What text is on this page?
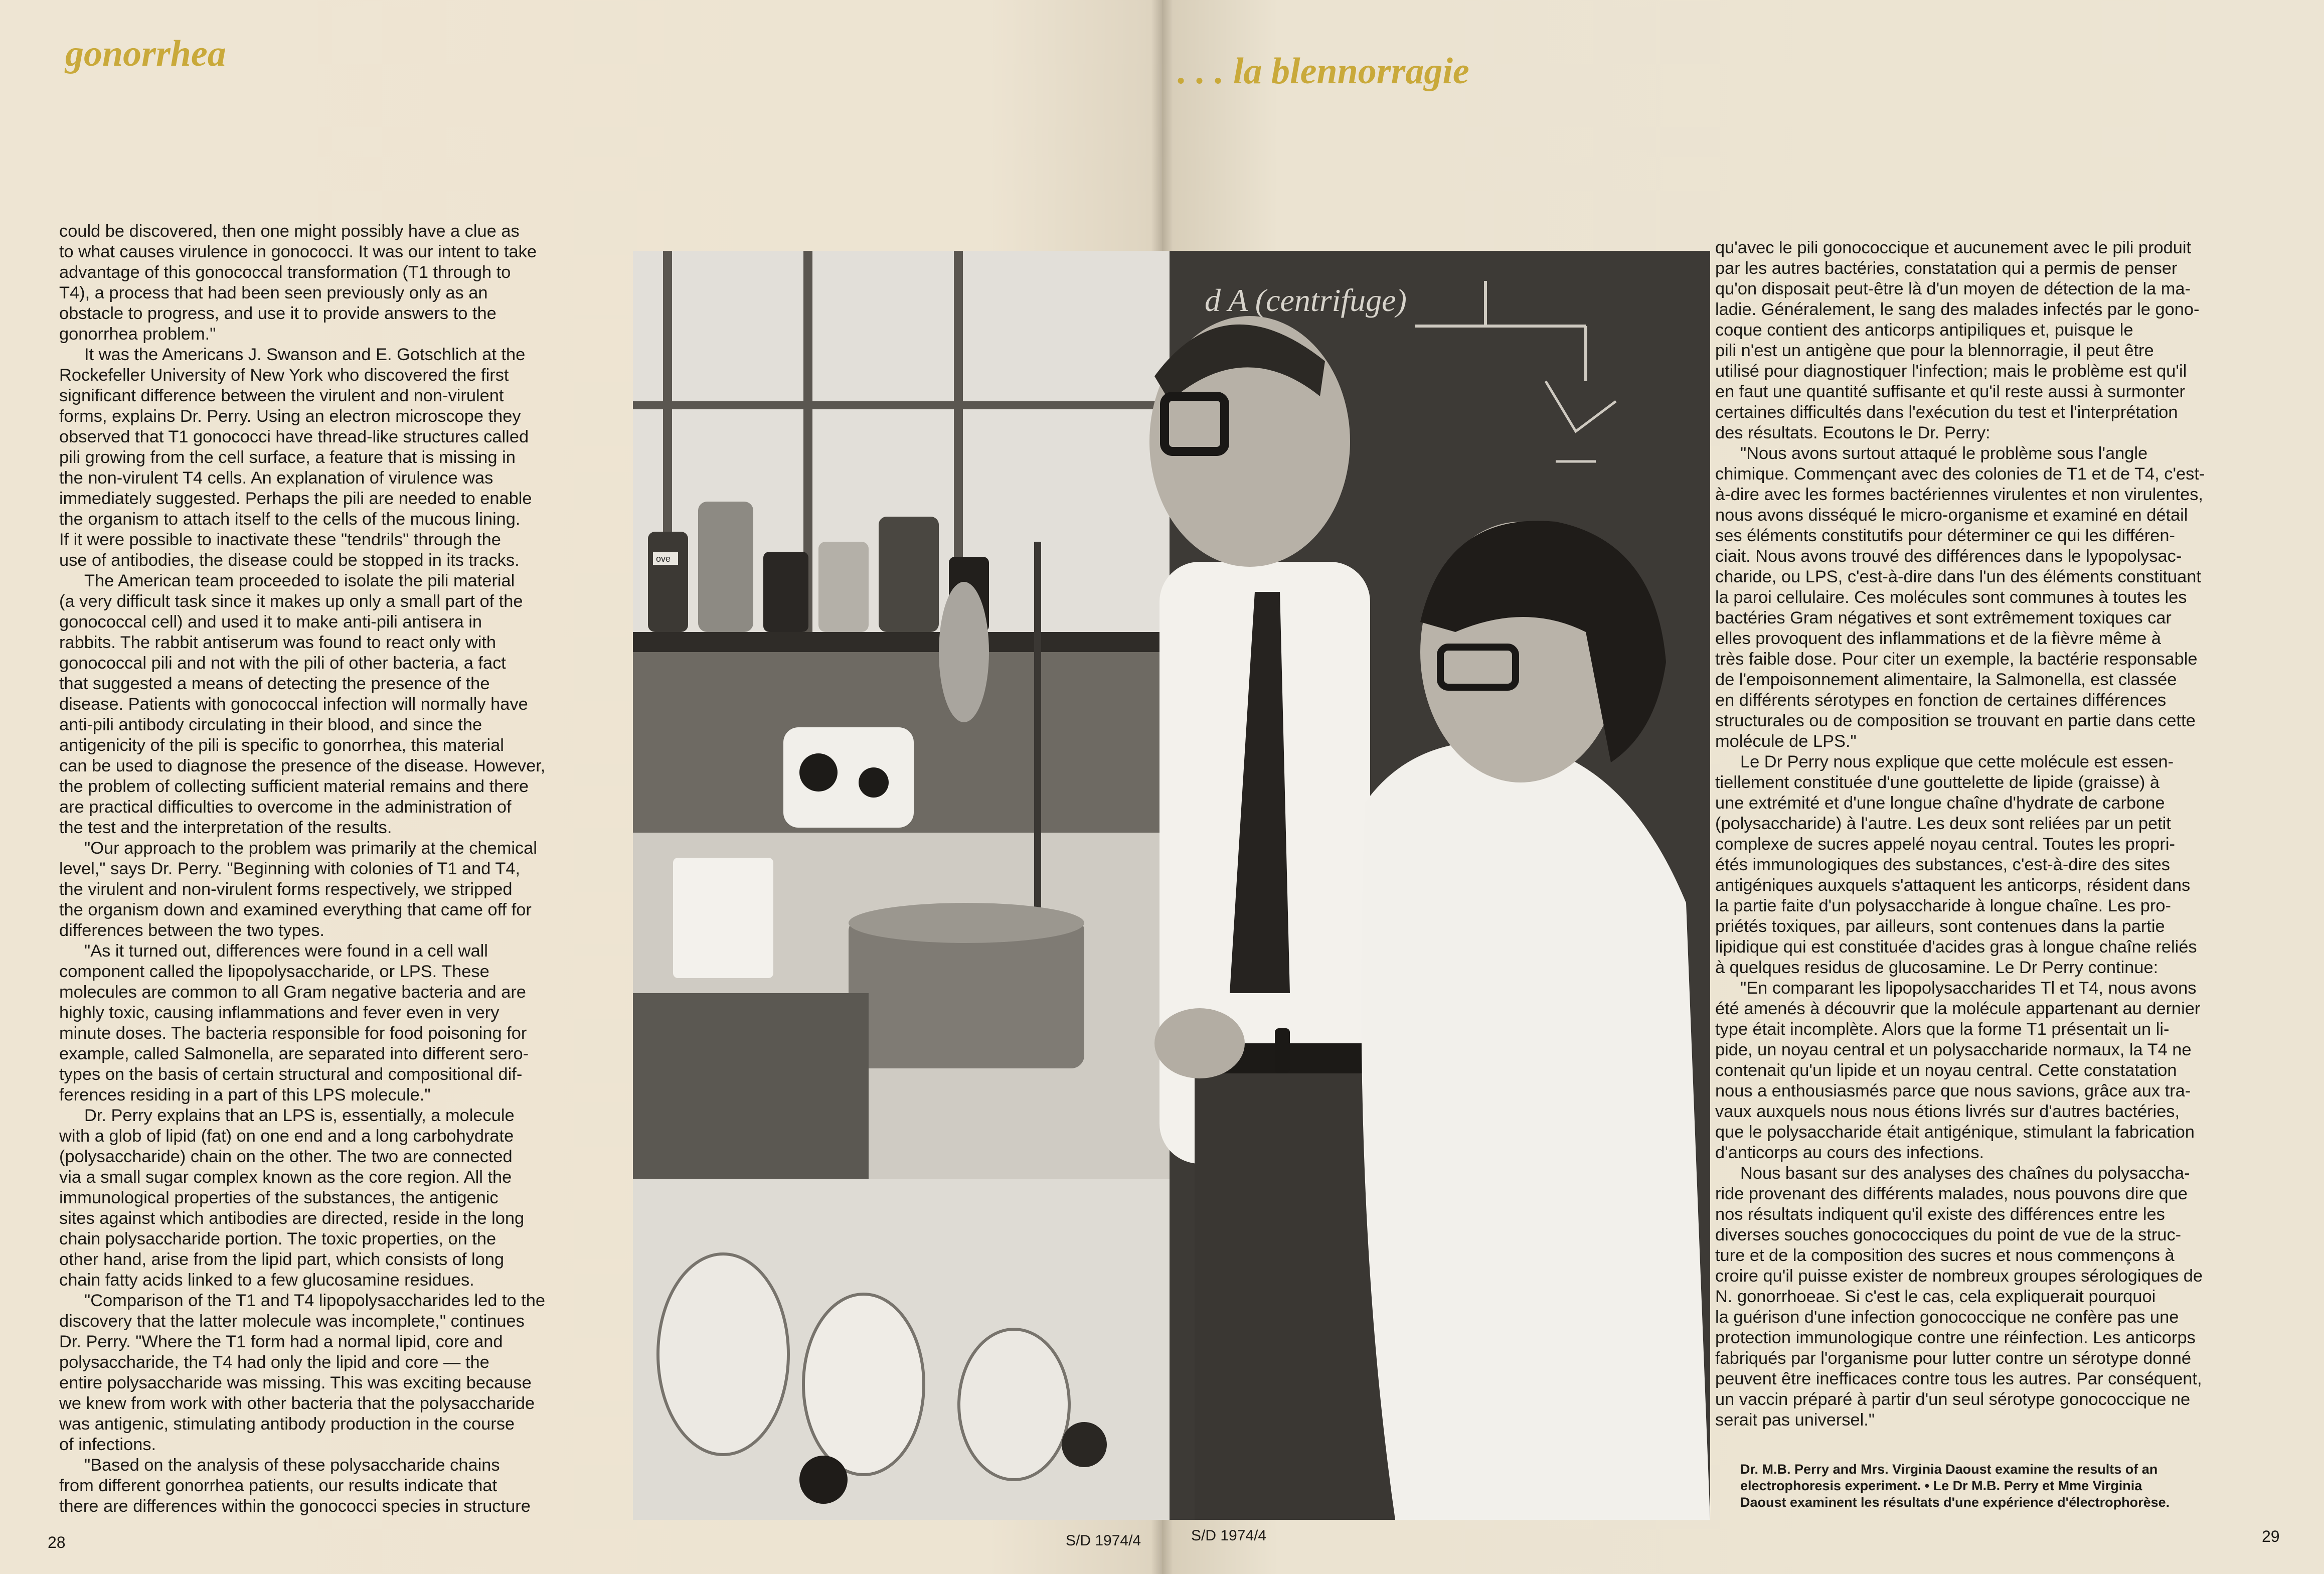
gonorrhea	. . . la blennorragie

could be discovered, then one might possibly have a clue as
to what causes virulence in gonococci. It was our intent to take
advantage of this gonococcal transformation (T1 through to
T4), a process that had been seen previously only as an
obstacle to progress, and use it to provide answers to the
gonorrhea problem."

It was the Americans J. Swanson and E. Gotschlich at the
Rockefeller University of New York who discovered the first
significant difference between the virulent and non-virulent
forms, explains Dr. Perry. Using an electron microscope they
observed that T1 gonococci have thread-like structures called
pili growing from the cell surface, a feature that is missing in
the non-virulent T4 cells. An explanation of virulence was
immediately suggested. Perhaps the pili are needed to enable
the organism to attach itself to the cells of the mucous lining.
If it were possible to inactivate these "tendrils" through the
use of antibodies, the disease could be stopped in its tracks.

The American team proceeded to isolate the pili material
(a very difficult task since it makes up only a small part of the
gonococcal cell) and used it to make anti-pili antisera in
rabbits. The rabbit antiserum was found to react only with
gonococcal pili and not with the pili of other bacteria, a fact
that suggested a means of detecting the presence of the
disease. Patients with gonococcal infection will normally have
anti-pili antibody circulating in their blood, and since the
antigenicity of the pili is specific to gonorrhea, this material
can be used to diagnose the presence of the disease. However,
the problem of collecting sufficient material remains and there
are practical difficulties to overcome in the administration of
the test and the interpretation of the results.

"Our approach to the problem was primarily at the chemical
level," says Dr. Perry. "Beginning with colonies of T1 and T4,
the virulent and non-virulent forms respectively, we stripped
the organism down and examined everything that came off for
differences between the two types.

"As it turned out, differences were found in a cell wall
component called the lipopolysaccharide, or LPS. These
molecules are common to all Gram negative bacteria and are
highly toxic, causing inflammations and fever even in very
minute doses. The bacteria responsible for food poisoning for
example, called Salmonella, are separated into different sero-
types on the basis of certain structural and compositional dif-
ferences residing in a part of this LPS molecule."

Dr. Perry explains that an LPS is, essentially, a molecule
with a glob of lipid (fat) on one end and a long carbohydrate
(polysaccharide) chain on the other. The two are connected
via a small sugar complex known as the core region. All the
immunological properties of the substances, the antigenic
sites against which antibodies are directed, reside in the long
chain polysaccharide portion. The toxic properties, on the
other hand, arise from the lipid part, which consists of long
chain fatty acids linked to a few glucosamine residues.

"Comparison of the T1 and T4 lipopolysaccharides led to the
discovery that the latter molecule was incomplete," continues
Dr. Perry. "Where the T1 form had a normal lipid, core and
polysaccharide, the T4 had only the lipid and core — the
entire polysaccharide was missing. This was exciting because
we knew from work with other bacteria that the polysaccharide
was antigenic, stimulating antibody production in the course
of infections.

"Based on the analysis of these polysaccharide chains
from different gonorrhea patients, our results indicate that
there are differences within the gonococci species in structure

ove
d A (centrifuge)

qu'avec le pili gonococcique et aucunement avec le pili produit
par les autres bactéries, constatation qui a permis de penser
qu'on disposait peut-être là d'un moyen de détection de la ma-
ladie. Généralement, le sang des malades infectés par le gono-
coque contient des anticorps antipiliques et, puisque le
pili n'est un antigène que pour la blennorragie, il peut être
utilisé pour diagnostiquer l'infection; mais le problème est qu'il
en faut une quantité suffisante et qu'il reste aussi à surmonter
certaines difficultés dans l'exécution du test et l'interprétation
des résultats. Ecoutons le Dr. Perry:

"Nous avons surtout attaqué le problème sous l'angle
chimique. Commençant avec des colonies de T1 et de T4, c'est-
à-dire avec les formes bactériennes virulentes et non virulentes,
nous avons disséqué le micro-organisme et examiné en détail
ses éléments constitutifs pour déterminer ce qui les différen-
ciait. Nous avons trouvé des différences dans le lypopolysac-
charide, ou LPS, c'est-à-dire dans l'un des éléments constituant
la paroi cellulaire. Ces molécules sont communes à toutes les
bactéries Gram négatives et sont extrêmement toxiques car
elles provoquent des inflammations et de la fièvre même à
très faible dose. Pour citer un exemple, la bactérie responsable
de l'empoisonnement alimentaire, la Salmonella, est classée
en différents sérotypes en fonction de certaines différences
structurales ou de composition se trouvant en partie dans cette
molécule de LPS."

Le Dr Perry nous explique que cette molécule est essen-
tiellement constituée d'une gouttelette de lipide (graisse) à
une extrémité et d'une longue chaîne d'hydrate de carbone
(polysaccharide) à l'autre. Les deux sont reliées par un petit
complexe de sucres appelé noyau central. Toutes les propri-
étés immunologiques des substances, c'est-à-dire des sites
antigéniques auxquels s'attaquent les anticorps, résident dans
la partie faite d'un polysaccharide à longue chaîne. Les pro-
priétés toxiques, par ailleurs, sont contenues dans la partie
lipidique qui est constituée d'acides gras à longue chaîne reliés
à quelques residus de glucosamine. Le Dr Perry continue:

"En comparant les lipopolysaccharides Tl et T4, nous avons
été amenés à découvrir que la molécule appartenant au dernier
type était incomplète. Alors que la forme T1 présentait un li-
pide, un noyau central et un polysaccharide normaux, la T4 ne
contenait qu'un lipide et un noyau central. Cette constatation
nous a enthousiasmés parce que nous savions, grâce aux tra-
vaux auxquels nous nous étions livrés sur d'autres bactéries,
que le polysaccharide était antigénique, stimulant la fabrication
d'anticorps au cours des infections.

Nous basant sur des analyses des chaînes du polysaccha-
ride provenant des différents malades, nous pouvons dire que
nos résultats indiquent qu'il existe des différences entre les
diverses souches gonococciques du point de vue de la struc-
ture et de la composition des sucres et nous commençons à
croire qu'il puisse exister de nombreux groupes sérologiques de
N. gonorrhoeae. Si c'est le cas, cela expliquerait pourquoi
la guérison d'une infection gonococcique ne confère pas une
protection immunologique contre une réinfection. Les anticorps
fabriqués par l'organisme pour lutter contre un sérotype donné
peuvent être inefficaces contre tous les autres. Par conséquent,
un vaccin préparé à partir d'un seul sérotype gonococcique ne
serait pas universel."

Dr. M.B. Perry and Mrs. Virginia Daoust examine the results of an
electrophoresis experiment. • Le Dr M.B. Perry et Mme Virginia
Daoust examinent les résultats d'une expérience d'électrophorèse.

28	29

S/D 1974/4	S/D 1974/4
